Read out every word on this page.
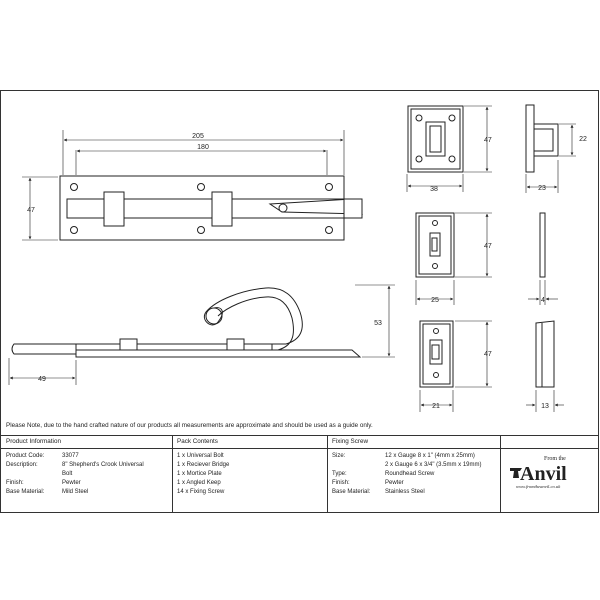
205
180
47
49
53
47
38
22
23
47
25	4
47
21	13
Please Note, due to the hand crafted nature of our products all measurements are approximate and should be used as a guide only.
Product Information
Product Code:	33077
Description:	8" Shepherd's Crook Universal
Bolt
Finish:	Pewter
Base Material:	Mild Steel
Pack Contents
1 x Universal Bolt
1 x Reciever Bridge
1 x Mortice Plate
1 x Angled Keep
14 x Fixing Screw
Fixing Screw
Size:	12 x Gauge 8 x 1" (4mm x 25mm)
2 x Gauge 6 x 3/4" (3.5mm x 19mm)
Type:	Roundhead Screw
Finish:	Pewter
Base Material: Stainless Steel
From the
Anvil
www.fromtheanvil.co.uk
